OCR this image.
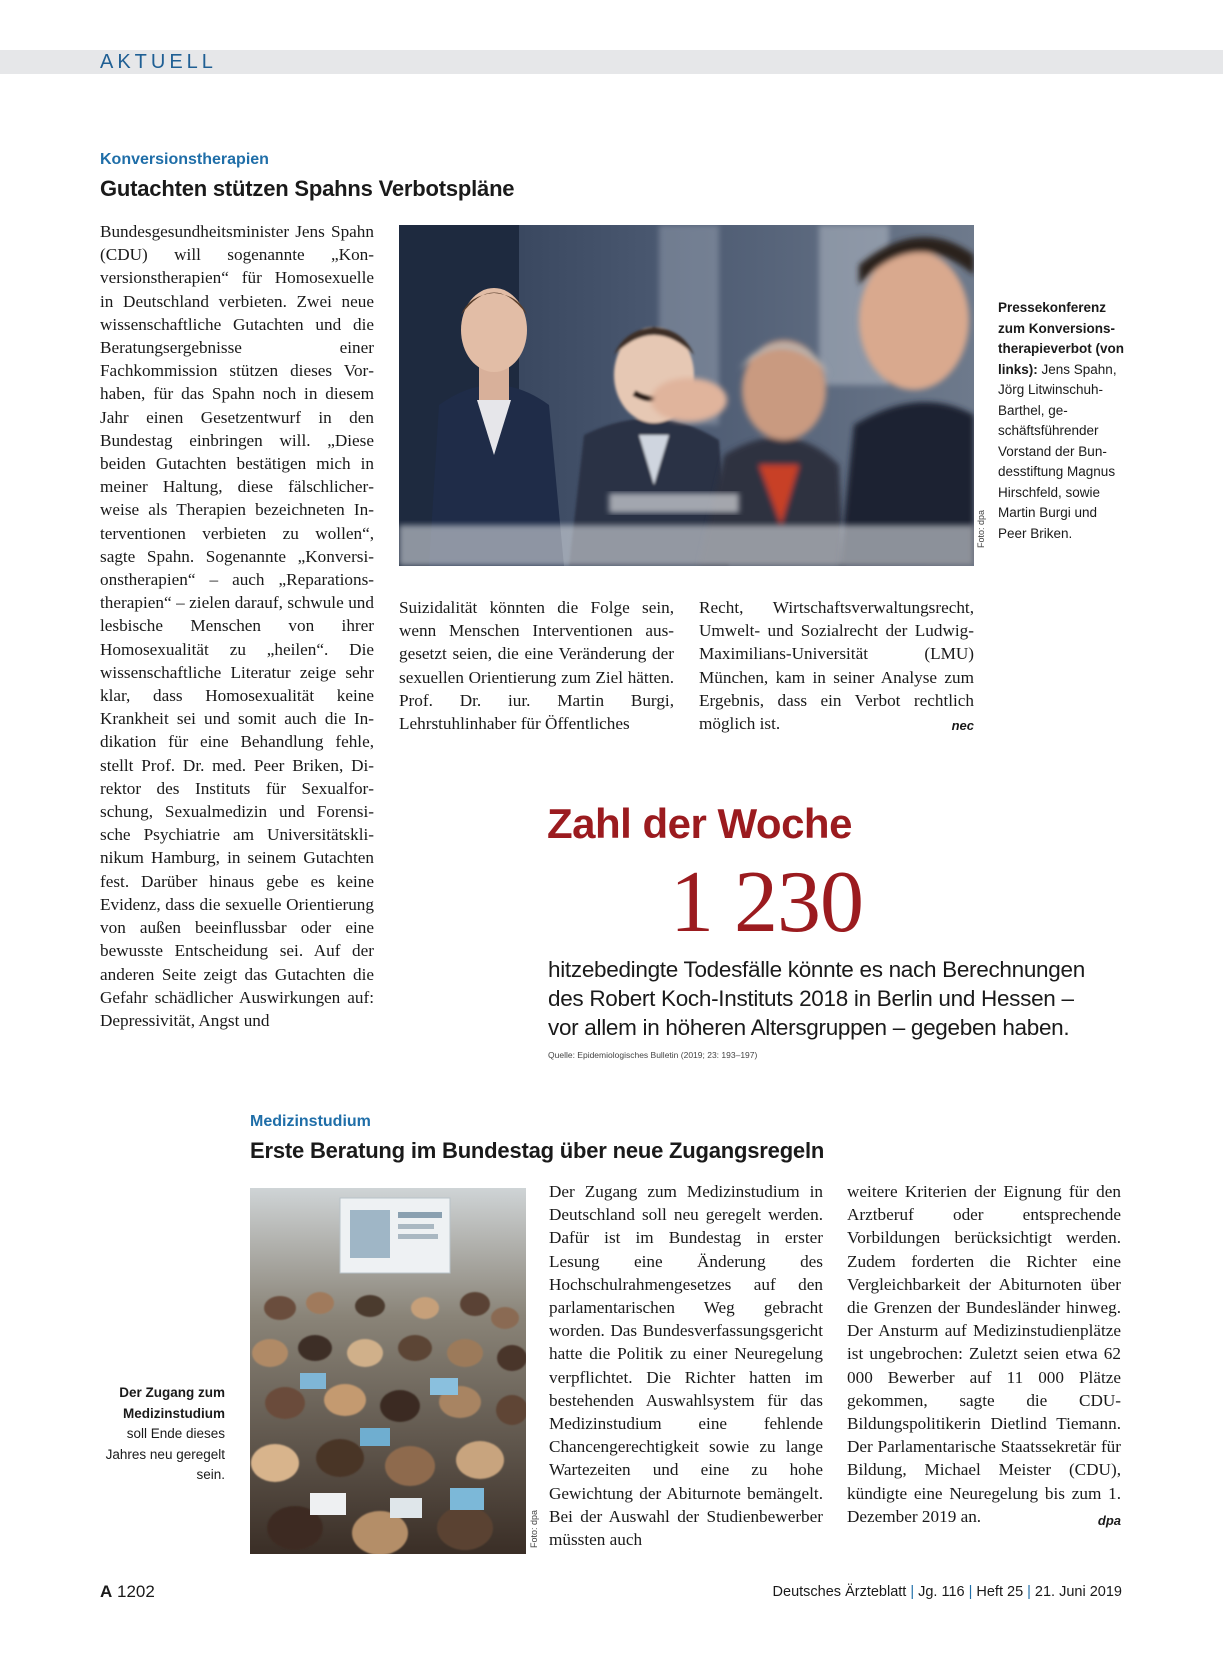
AKTUELL
Konversionstherapien
Gutachten stützen Spahns Verbotspläne
Bundesgesundheitsminister Jens Spahn (CDU) will sogenannte „Konversionstherapien“ für Homosexuelle in Deutschland verbieten. Zwei neue wissenschaftliche Gutachten und die Beratungsergebnisse einer Fachkommission stützen dieses Vorhaben, für das Spahn noch in diesem Jahr einen Gesetzentwurf in den Bundestag einbringen will. „Diese beiden Gutachten bestätigen mich in meiner Haltung, diese fälschlicherweise als Therapien bezeichneten Interventionen verbieten zu wollen“, sagte Spahn. Sogenannte „Konversionstherapien“ – auch „Reparationstherapien“ – zielen darauf, schwule und lesbische Menschen von ihrer Homosexualität zu „heilen“. Die wissenschaftliche Literatur zeige sehr klar, dass Homosexualität keine Krankheit sei und somit auch die Indikation für eine Behandlung fehle, stellt Prof. Dr. med. Peer Briken, Direktor des Instituts für Sexualforschung, Sexualmedizin und Forensische Psychiatrie am Universitätsklinikum Hamburg, in seinem Gutachten fest. Darüber hinaus gebe es keine Evidenz, dass die sexuelle Orientierung von außen beeinflussbar oder eine bewusste Entscheidung sei. Auf der anderen Seite zeigt das Gutachten die Gefahr schädlicher Auswirkungen auf: Depressivität, Angst und
Foto: dpa
Pressekonferenz zum Konversionstherapieverbot (von links): Jens Spahn, Jörg Litwinschuh-Barthel, geschäftsführender Vorstand der Bundesstiftung Magnus Hirschfeld, sowie Martin Burgi und Peer Briken.
Suizidalität könnten die Folge sein, wenn Menschen Interventionen ausgesetzt seien, die eine Veränderung der sexuellen Orientierung zum Ziel hätten. Prof. Dr. iur. Martin Burgi, Lehrstuhlinhaber für Öffentliches
Recht, Wirtschaftsverwaltungsrecht, Umwelt- und Sozialrecht der Ludwig-Maximilians-Universität (LMU) München, kam in seiner Analyse zum Ergebnis, dass ein Verbot rechtlich möglich ist.	nec
Zahl der Woche
1 230
hitzebedingte Todesfälle könnte es nach Berechnungen
des Robert Koch-Instituts 2018 in Berlin und Hessen –
vor allem in höheren Altersgruppen – gegeben haben.
Quelle: Epidemiologisches Bulletin (2019; 23: 193–197)
Medizinstudium
Erste Beratung im Bundestag über neue Zugangsregeln
Der Zugang zum Medizinstudium
soll Ende dieses Jahres neu geregelt sein.
Foto: dpa
Der Zugang zum Medizinstudium in Deutschland soll neu geregelt werden. Dafür ist im Bundestag in erster Lesung eine Änderung des Hochschulrahmengesetzes auf den parlamentarischen Weg gebracht worden. Das Bundesverfassungsgericht hatte die Politik zu einer Neuregelung verpflichtet. Die Richter hatten im bestehenden Auswahlsystem für das Medizinstudium eine fehlende Chancengerechtigkeit sowie zu lange Wartezeiten und eine zu hohe Gewichtung der Abiturnote bemängelt. Bei der Auswahl der Studienbewerber müssten auch
weitere Kriterien der Eignung für den Arztberuf oder entsprechende Vorbildungen berücksichtigt werden. Zudem forderten die Richter eine Vergleichbarkeit der Abiturnoten über die Grenzen der Bundesländer hinweg. Der Ansturm auf Medizinstudienplätze ist ungebrochen: Zuletzt seien etwa 62 000 Bewerber auf 11 000 Plätze gekommen, sagte die CDU-Bildungspolitikerin Dietlind Tiemann. Der Parlamentarische Staatssekretär für Bildung, Michael Meister (CDU), kündigte eine Neuregelung bis zum 1. Dezember 2019 an.	dpa
A 1202	Deutsches Ärzteblatt | Jg. 116 | Heft 25 | 21. Juni 2019
